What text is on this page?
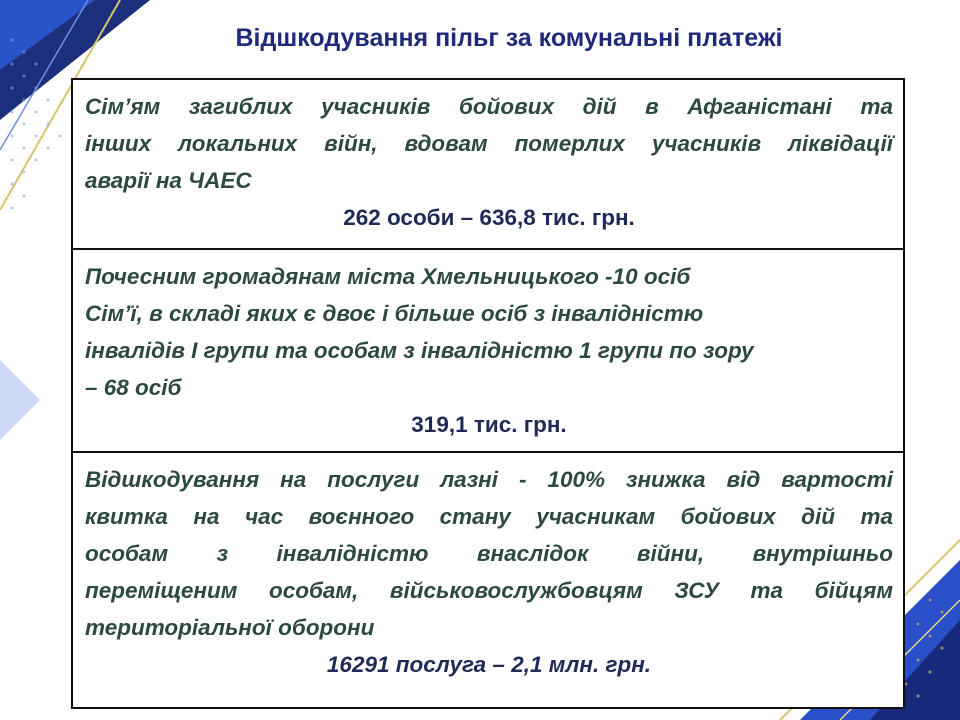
Відшкодування пільг за комунальні платежі

Сім’ям загиблих учасників бойових дій в Афганістані та

інших локальних війн, вдовам померлих учасників ліквідації

аварії на ЧАЕС

262 особи – 636,8 тис. грн.

Почесним громадянам міста Хмельницького -10 осіб

Сім’ї, в складі яких є двоє і більше осіб з інвалідністю

інвалідів І групи та особам з інвалідністю 1 групи по зору

– 68 осіб

319,1 тис. грн.

Відшкодування на послуги лазні - 100% знижка від вартості

квитка на час воєнного стану учасникам бойових дій та

особам з інвалідністю внаслідок війни, внутрішньо

переміщеним особам, військовослужбовцям ЗСУ та бійцям

територіальної оборони

16291 послуга – 2,1 млн. грн.
